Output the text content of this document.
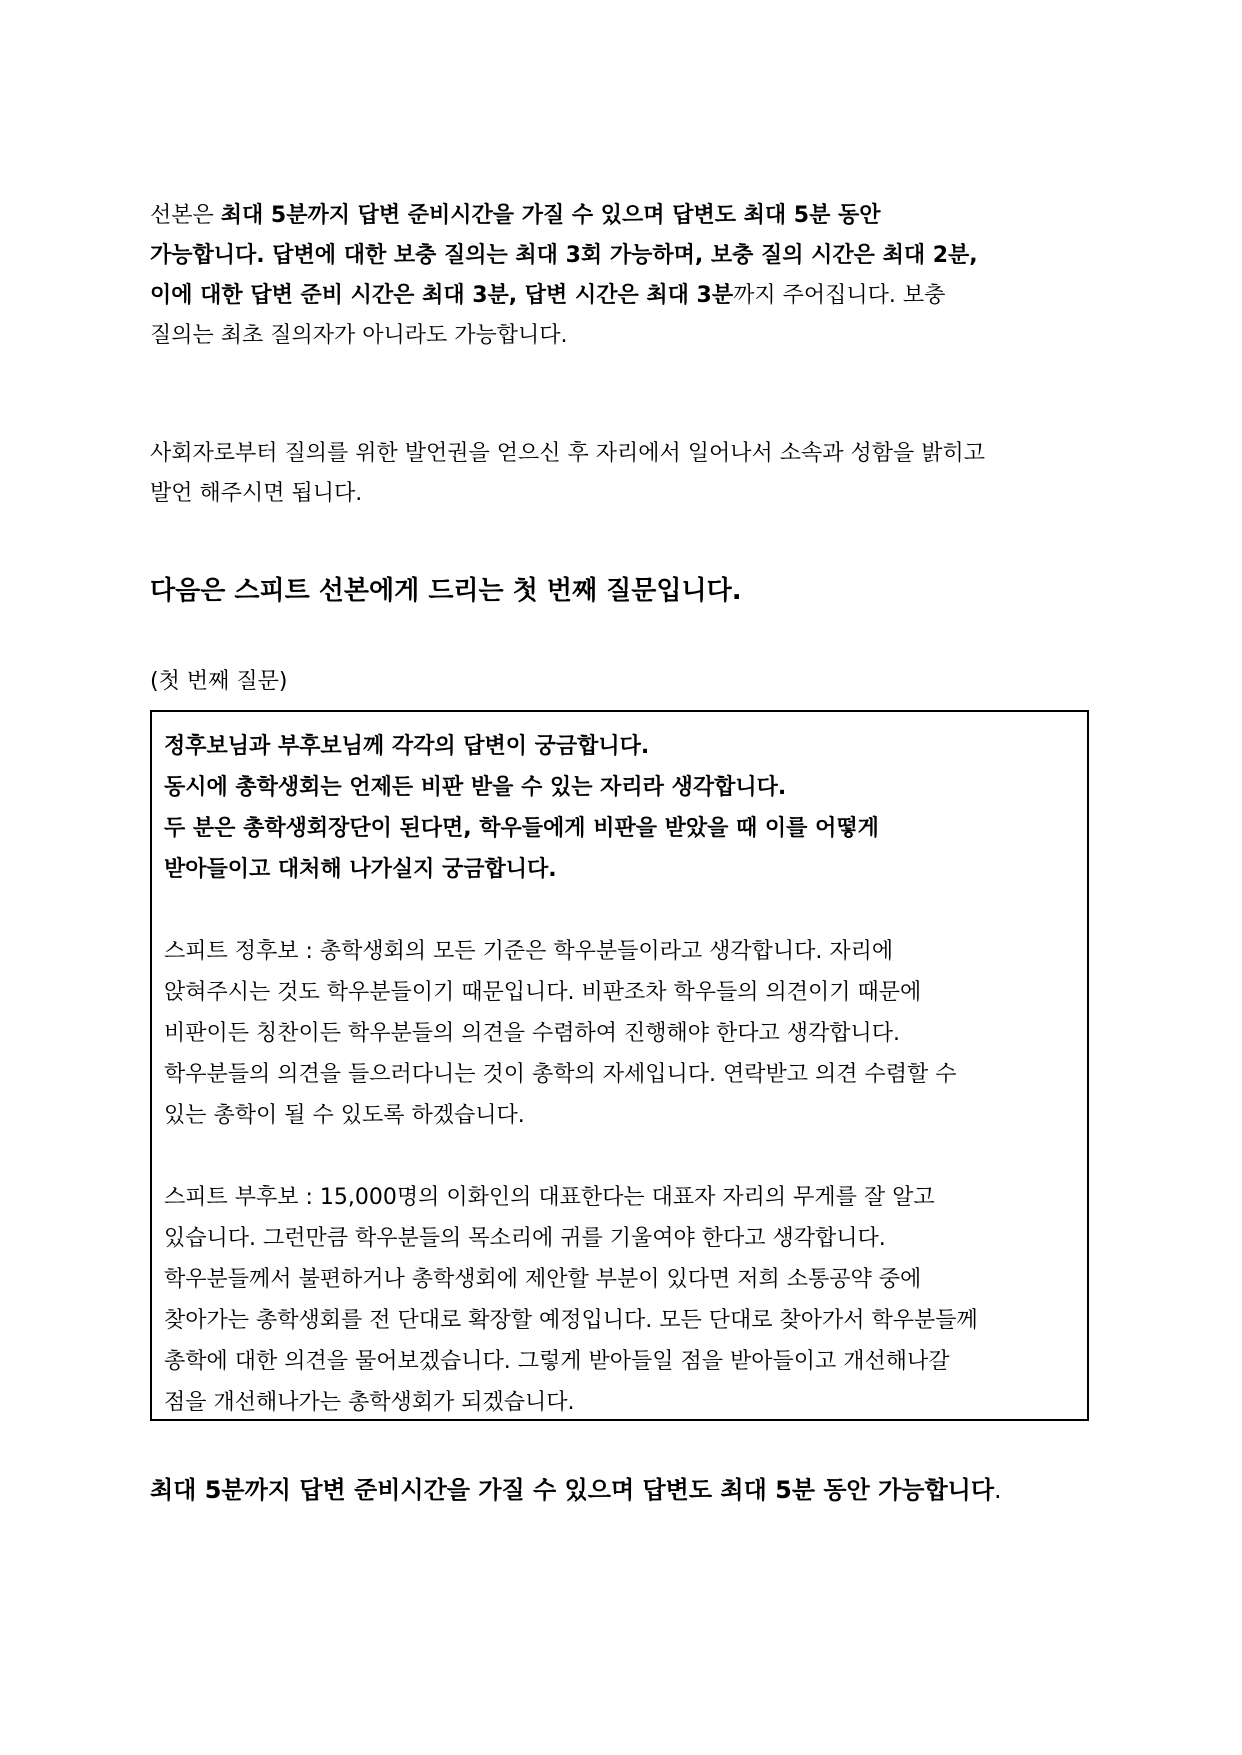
선본은 최대 5분까지 답변 준비시간을 가질 수 있으며 답변도 최대 5분 동안
가능합니다. 답변에 대한 보충 질의는 최대 3회 가능하며, 보충 질의 시간은 최대 2분,
이에 대한 답변 준비 시간은 최대 3분, 답변 시간은 최대 3분까지 주어집니다. 보충
질의는 최초 질의자가 아니라도 가능합니다.
사회자로부터 질의를 위한 발언권을 얻으신 후 자리에서 일어나서 소속과 성함을 밝히고
발언 해주시면 됩니다.
다음은 스피트 선본에게 드리는 첫 번째 질문입니다.
(첫 번째 질문)
정후보님과 부후보님께 각각의 답변이 궁금합니다.
동시에 총학생회는 언제든 비판 받을 수 있는 자리라 생각합니다.
두 분은 총학생회장단이 된다면, 학우들에게 비판을 받았을 때 이를 어떻게
받아들이고 대처해 나가실지 궁금합니다.
스피트 정후보 : 총학생회의 모든 기준은 학우분들이라고 생각합니다. 자리에
앉혀주시는 것도 학우분들이기 때문입니다. 비판조차 학우들의 의견이기 때문에
비판이든 칭찬이든 학우분들의 의견을 수렴하여 진행해야 한다고 생각합니다.
학우분들의 의견을 들으러다니는 것이 총학의 자세입니다. 연락받고 의견 수렴할 수
있는 총학이 될 수 있도록 하겠습니다.
스피트 부후보 : 15,000명의 이화인의 대표한다는 대표자 자리의 무게를 잘 알고
있습니다. 그런만큼 학우분들의 목소리에 귀를 기울여야 한다고 생각합니다.
학우분들께서 불편하거나 총학생회에 제안할 부분이 있다면 저희 소통공약 중에
찾아가는 총학생회를 전 단대로 확장할 예정입니다. 모든 단대로 찾아가서 학우분들께
총학에 대한 의견을 물어보겠습니다. 그렇게 받아들일 점을 받아들이고 개선해나갈
점을 개선해나가는 총학생회가 되겠습니다.
최대 5분까지 답변 준비시간을 가질 수 있으며 답변도 최대 5분 동안 가능합니다.
